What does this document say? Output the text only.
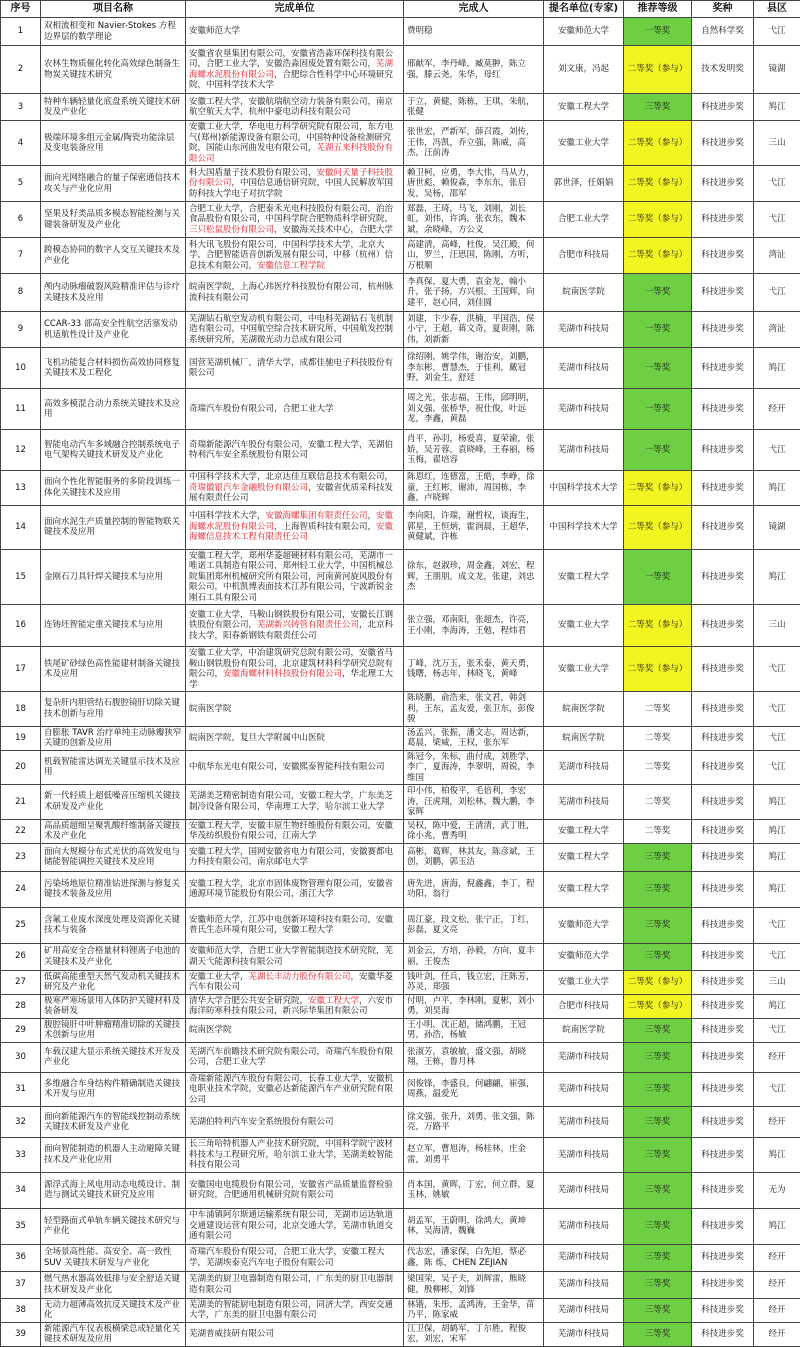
序号	项目名称	完成单位	完成人	提名单位(专家)	推荐等级	奖种	县区
1	双相流相变和 Navier-Stokes 方程边界层的数学理论	安徽师范大学	费明稳	安徽师范大学	一等奖	自然科学奖	弋江
2	农林生物质催化转化高效绿色制备生物炭关键技术研究	安徽省农垦集团有限公司，安徽省浩淼环保科技有限公司，合肥工业大学，安徽浩淼固废处置有限公司，芜湖海螺水泥股份有限公司，合肥综合性科学中心环境研究院，中国科学技术大学	邢献军，李丹峰，臧莫翀，陈立强，滕云尧，朱华，母红	刘文康，冯起	二等奖（参与）	技术发明奖	镜湖
3	特种车辆轻量化底盘系统关键技术研发及产业化	安徽工程大学，安徽航瑞航空动力装备有限公司，南京航空航天大学，杭州中豪电动科技有限公司	于立，黄健，陈栋，王琪，朱航，张健	安徽工程大学	三等奖	科技进步奖	鸠江
4	极端环境多组元金属/陶瓷功能涂层及变电装备应用	安徽工业大学，华电电力科学研究院有限公司，东方电气(郑州)新能源设备有限公司，中国特种设备检测研究院，国能山东河曲发电有限公司，芜湖五来科技股份有限公司	张世宏，严新军，薛召霞，刘传，王伟，冯凯，乔立强，陈威，高杰，汪前涛	安徽工业大学	二等奖（参与）	科技进步奖	三山
5	面向光网络融合的量子保密通信技术攻关与产业化应用	科大国盾量子技术股份有限公司，安徽问天量子科技股份有限公司，中国信息通信研究院，中国人民解放军国防科技大学电子对抗学院	赖卫柯，应勇，李大伟，马从力，唐世彪，赖俊森，李东东，张启发，吴杨，邵军	郭世泽，任娟娟	二等奖（参与）	科技进步奖	弋江
6	坚果及籽类品质多模态智能检测与关键装备研发及产业化	合肥工业大学，合肥泰禾光电科技股份有限公司，治治食品股份有限公司，中国科学院合肥物质科学研究院，三只松鼠股份有限公司，安徽海关技术中心，合肥大学	郑磊，王琦，马飞，刘刚，刘长虹，刘伟，许鸿，张衣东，魏本斌，余晓峰，方公义	合肥工业大学	二等奖（参与）	科技进步奖	弋江
7	跨模态协同的数字人交互关键技术及产业化	科大讯飞股份有限公司，中国科学技术大学，北京大学，合肥智能语音创新发展有限公司，中移（杭州）信息技术有限公司，安徽信息工程学院	高建清，高峰，杜俊，吴江殿，何山，罗兰，汪思国，陈刚，方听，万根顺	合肥市科技局	二等奖（参与）	科技进步奖	湾沚
8	颅内动脉瘤破裂风险精准评估与诊疗关键技术及应用	皖南医学院，上海心玮医疗科技股份有限公司，杭州脉流科技有限公司	李真保，夏大勇，袁金龙，翰小升，张子扬，方兴根，王国辉，向建平，赵心同，刘佳圆	皖南医学院	一等奖	科技进步奖	弋江
9	CCAR-33 部高安全性航空活塞发动机适航性设计及产业化	芜湖钻石航空发动机有限公司，中电科芜湖钻石飞机制造有限公司，中国航空综合技术研究所，中国航发控制系统研究所，芜湖微光动力总成有限公司	刘建，卞少春，洪楠，平国浩，侯小宁，王超，蒋文奇，夏贵刚，陈伟，刘新新	芜湖市科技局	一等奖	科技进步奖	湾沚
10	飞机功能复合材料损伤高效协同修复关键技术及工程化	国营芜湖机械厂，清华大学，成都佳驰电子科技股份有限公司	徐绍刚，姚学伟，谢治安，刘鹏，李东彬，曹慧杰，于佳利，戴冠野，刘金生，舒廷	芜湖市科技局	一等奖	科技进步奖	鸠江
11	高效多模混合动力系统关键技术及应用	奇瑞汽车股份有限公司，合肥工业大学	周之光，张志福，王伟，邱明明，刘义强，张桥华，祝仕俊，叶远龙，李鑫，黄磊	芜湖市科技局	一等奖	科技进步奖	经开
12	智能电动汽车多域融合控制系统电子电气架构关键技术研发及产业化	奇瑞新能源汽车股份有限公司，安徽工程大学，芜湖伯特利汽车安全系统股份有限公司	肖平，孙羽，杨爱喜，夏荣渝，张娇，吴芳蓉，袁晓峰，王春丽，杨玉梅，翟培容	芜湖市科技局	一等奖	科技进步奖	弋江
13	面向个性化智能服务的多阶段训练一体化关键技术及应用	中国科学技术大学，北京达佳互联信息技术有限公司，奇瑞徽银汽车金融股份有限公司，安徽省优质采科技发展有限责任公司	陈恩红，连德富，王皓，李峥，徐童，王红彬，谢沛，周国栋，李鑫，卢晓辉	中国科学技术大学	二等奖（参与）	科技进步奖	鸠江
14	面向水泥生产质量控制的智能物联关键技术及应用	中国科学技术大学，安徽海螺集团有限责任公司，安徽海螺水泥股份有限公司，上海智质科技有限公司，安徽海螺信息技术工程有限责任公司	李向阳，许瑞，谢哲权，谈海生，郭星，王恒炳，霍润晨，王超华，黄健斌，许栋	中国科学技术大学	二等奖（参与）	科技进步奖	镜湖
15	金刚石刀具钎焊关键技术与应用	安徽工程大学，郑州华菱超硬材料有限公司，芜湖市一唯诺工具制造有限公司，郑州轻工业大学，中国机械总院集团郑州机械研究所有限公司，河南黄河旋风股份有限公司，中机凯博表面技术江苏有限公司，宁波新锐金刚石工具有限公司	徐东，赵淑珍，周金鑫，刘宏，程辉，王朋朋，成文龙，张建，刘忠杰	安徽工程大学	一等奖	科技进步奖	鸠江
16	连铸坯智能定重关键技术与应用	安徽工业大学，马鞍山钢铁股份有限公司，安徽长江钢铁股份有限公司，芜湖新兴铸管有限责任公司，北京科技大学，阳春新钢铁有限责任公司	张立强，邓南阳，张超杰，许亮，王小刚，李海涛，王勉，程炜君	安徽工业大学	二等奖（参与）	科技进步奖	三山
17	铁尾矿砂绿色高性能建材制备关键技术及应用	安徽工业大学，中冶建筑研究总院有限公司，安徽省马鞍山钢铁股份有限公司，北京建筑材料科学研究总院有限公司，安徽海螺材料科技股份有限公司，华北理工大学	丁峰，沈万玉，张禾泰，黄天勇，钱曙，杨志年，林晓飞，黄峰	安徽工业大学	二等奖（参与）	科技进步奖	弋江
18	复杂肝内胆管结石腹腔镜肝切除关键技术创新与应用	皖南医学院	陈晓鹏，俞浩来，张文君，韩剑利，王东，孟友爱，张卫东，彭俊骏	皖南医学院	二等奖	科技进步奖	弋江
19	自膨胀 TAVR 治疗单纯主动脉瓣狭窄关键的创新及应用	皖南医学院，复旦大学附属中山医院	汤孟兴，张振，潘文志，周达新，葛晨，梁威，王权，张东军	皖南医学院	二等奖	科技进步奖	弋江
20	机载智能雷达调光关键显示技术及应用	中航华东光电有限公司，安徽熙泰智能科技有限公司	陈冠今，朱标，曲付成，刘胜学，李广，夏海涛，李翠明，周锐，李维国	芜湖市科技局	二等奖	科技进步奖	弋江
21	新一代轻质上超低噪音压缩机关键技术研发及产业化	芜湖美芝精密制造有限公司，安徽工程大学，广东美芝制冷设备有限公司，华南理工大学，哈尔滨工业大学	印小伟，柏俊平，毛倍利，李宏涛，汪虎翔，刘松林，魏大鹏，李家辉	芜湖市科技局	二等奖	科技进步奖	鸠江
22	高品质超细呈聚乳酸纤维制备关键技术及产业化	安徽工程大学，安徽丰原生物纤维股份有限公司，安徽华茂纺织股份有限公司，江南大学	吴权，陈中爱，王清清，武丁胜，徐小兆，曹秀明	安徽工程大学	二等奖	科技进步奖	鸠江
23	面向大规模分布式光伏的高效发电与储能智能调控关键技术及应用	安徽工程大学，国网安徽省电力有限公司，安徽赛都电力科技有限公司，南京邮电大学	高彬，葛辉，林其友，陈彦斌，王创，刘鹏，郭玉洁	安徽工程大学	三等奖	科技进步奖	鸠江
24	污染场地原位精准钻进探测与修复关键技术装备及应用	安徽工程大学，北京市固体废物管理有限公司，安徽省通源环境节能股份有限公司，浙江大学	唐先进，唐海，倪鑫鑫，李丁，程功阳，翁行	安徽工程大学	三等奖	科技进步奖	鸠江
25	含氟工业废水深度处理及资源化关键技术与装备	安徽师范大学，江苏中电创新环境科技有限公司，安徽普氏生态环境有限公司，安徽工程大学	周江豪，段文松，张宁正，丁红，彭磊，夏文亮	安徽师范大学	三等奖	科技进步奖	弋江
26	矿用高安全合格量材料锂离子电池的关键技术及产业化	安徽师范大学，合肥工业大学智能制造技术研究院，芜湖天弋能源科技有限公司	刘金云，方培，孙毅，方向，夏丰丽，王俊杰	安徽师范大学	三等奖	科技进步奖	弋江
27	低碳高能重型天然气发动机关键技术研究及产业化	安徽工业大学，芜湖长丰动力股份有限公司，安徽华菱汽车有限公司	钱叶剑，任兵，钱立宏，汪陈芳，苏灵，郑强	安徽工业大学	二等奖（参与）	科技进步奖	三山
28	极寒严寒场景用人体防护关键材料及装备研发	清华大学合肥公共安全研究院，安徽工程大学，六安市海洋防寒科技有限公司，新兴际华集团有限公司	付明，卢平，李林刚，夏彬，刘小勇，刘昊海	合肥市科技局	二等奖（参与）	科技进步奖	鸠江
29	腹腔镜肝中叶肿瘤精准切除的关键技术创新与应用	皖南医学院	王小明，沈正超，储鸿鹏，王冠男，孙浩，杨敏	皖南医学院	三等奖	科技进步奖	弋江
30	车载汉建大显示系统关键技术开发及产业化	芜湖汽车前瞻技术研究院有限公司，奇瑞汽车股份有限公司，合肥工业大学	张淑芳，袁敏敏，盛文强，胡晓翔，王栋，鲁月林	芜湖市科技局	三等奖	科技进步奖	经开
31	多维融合车身结构件精确制造关键技术开发与应用	奇瑞新能源汽车股份有限公司，长春工业大学，安徽机电职业技术学院，安徽必达新能源汽车产业研究院有限公司	闵俊锋，李盛良，何翩翩，崔强，周燕，温爱光	芜湖市科技局	三等奖	科技进步奖	弋江
32	面向新能源汽车的智能线控制动系统关键技术研发及产业化	芜湖伯特利汽车安全系统股份有限公司	徐文强，张升，刘勇，张文强，陈亮，万路平	芜湖市科技局	三等奖	科技进步奖	经开
33	面向智能制造的机器人主动避障关键技术及产业化应用	长三角哈特机器人产业技术研究院，中国科学院宁波材料技术与工程研究所，哈尔滨工业大学，芜湖美蛟智能科技有限公司	赵立军，曹旭涛，杨桂林，庄金雷，刘勇平	芜湖市科技局	三等奖	科技进步奖	鸠江
34	源浮式海上风电用动态电缆设计、制造与测试关键技术研究及应用	安徽国电电缆股份有限公司，安徽省产品质量监督检验研究院，合肥通用机械研究院有限公司	肖本国，黄晖，丁宏，何立群，夏玉林，姚敏	芜湖市科技局	三等奖	科技进步奖	无为
35	轻型路面式单轨车辆关键技术研究与产业化	中车浦镇阿尔斯通运输系统有限公司，芜湖市运达轨道交通建设运营有限公司，北京交通大学，芜湖市轨道交通有限公司	胡孟军，王蔚明，徐鸿大，黄坤林，吴海清，魏巍	芜湖市科技局	三等奖	科技进步奖	鸠江
36	全场景高性能、高安全、高一致性 SUV 关键技术研发与产业化	奇瑞汽车股份有限公司，合肥工业大学，安徽工程大学，芜湖埃泰克汽车电子股份有限公司	代志宏，潘家保，白先旭，蔡必鑫，陈 炼，CHEN ZEJIAN	芜湖市科技局	三等奖	科技进步奖	经开
37	燃气热水器高效低排与安全舒适关键技术研发及产业化	芜湖美的厨卫电器制造有限公司，广东美的厨卫电器制造有限公司	梁国荣，吴子夫，刘辉雷，熊晓健，殷柳彬，刘锋	芜湖市科技局	三等奖	科技进步奖	经开
38	无动力超薄高效抗反关键技术及产业化	芜湖美的智能厨电制造有限公司，同济大学，西安交通大学，广东美的厨卫电器有限公司	林锴，朱彤，孟鸿涛，王金华，苗乃平，陈家威	芜湖市科技局	三等奖	科技进步奖	经开
39	新能源汽车仪表板横梁总成轻量化关键技术研发及应用	芜湖普威技研有限公司	江卫保，胡鹤军，丁尔胜，程俊宏，刘宏，宋军	芜湖市科技局	三等奖	科技进步奖	经开
